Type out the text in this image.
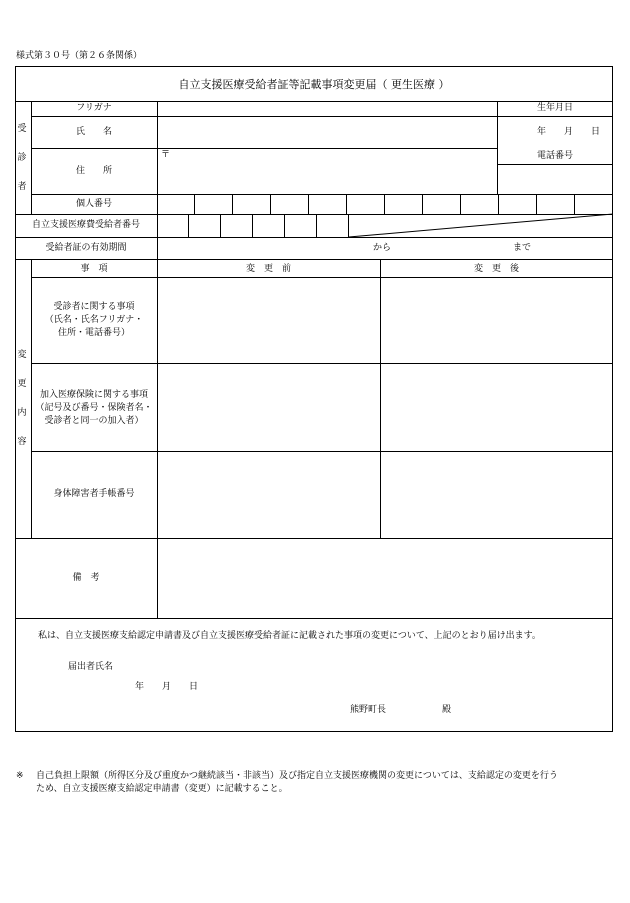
様式第３０号（第２６条関係）
自立支援医療受給者証等記載事項変更届（ 更生医療 ）
受
診
者
フリガナ
氏　　名
住　　所
〒
生年月日
年　　月　　日
電話番号
個人番号
自立支援医療費受給者番号
受給者証の有効期間	から	まで
変
更
内
容
事　項	変　更　前	変　更　後
受診者に関する事項
（氏名・氏名フリガナ・
住所・電話番号）
加入医療保険に関する事項
（記号及び番号・保険者名・
受診者と同一の加入者）
身体障害者手帳番号
備　考
私は、自立支援医療支給認定申請書及び自立支援医療受給者証に記載された事項の変更について、上記のとおり届け出ます。
届出者氏名
年　　月　　日
熊野町長	殿
※ 自己負担上限額（所得区分及び重度かつ継続該当・非該当）及び指定自立支援医療機関の変更については、支給認定の変更を行う
ため、自立支援医療支給認定申請書（変更）に記載すること。
